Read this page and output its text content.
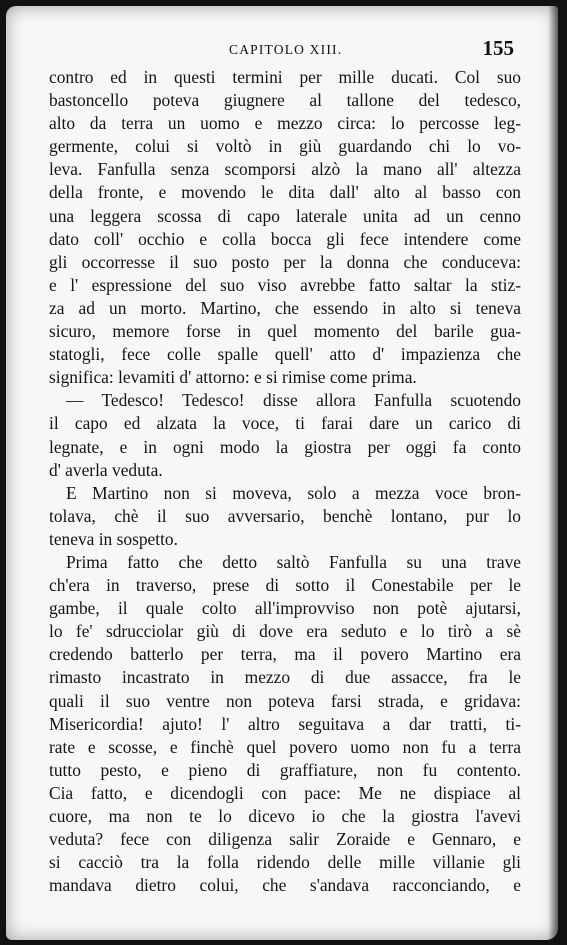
CAPITOLO XIII.	155
contro ed in questi termini per mille ducati. Col suo
bastoncello poteva giugnere al tallone del tedesco,
alto da terra un uomo e mezzo circa: lo percosse leg-
germente, colui si voltò in giù guardando chi lo vo-
leva. Fanfulla senza scomporsi alzò la mano all' altezza
della fronte, e movendo le dita dall' alto al basso con
una leggera scossa di capo laterale unita ad un cenno
dato coll' occhio e colla bocca gli fece intendere come
gli occorresse il suo posto per la donna che conduceva:
e l' espressione del suo viso avrebbe fatto saltar la stiz-
za ad un morto. Martino, che essendo in alto si teneva
sicuro, memore forse in quel momento del barile gua-
statogli, fece colle spalle quell' atto d' impazienza che
significa: levamiti d' attorno: e si rimise come prima.
— Tedesco! Tedesco! disse allora Fanfulla scuotendo
il capo ed alzata la voce, ti farai dare un carico di
legnate, e in ogni modo la giostra per oggi fa conto
d' averla veduta.
E Martino non si moveva, solo a mezza voce bron-
tolava, chè il suo avversario, benchè lontano, pur lo
teneva in sospetto.
Prima fatto che detto saltò Fanfulla su una trave
ch'era in traverso, prese di sotto il Conestabile per le
gambe, il quale colto all'improvviso non potè ajutarsi,
lo fe' sdrucciolar giù di dove era seduto e lo tirò a sè
credendo batterlo per terra, ma il povero Martino era
rimasto incastrato in mezzo di due assacce, fra le
quali il suo ventre non poteva farsi strada, e gridava:
Misericordia! ajuto! l' altro seguitava a dar tratti, ti-
rate e scosse, e finchè quel povero uomo non fu a terra
tutto pesto, e pieno di graffiature, non fu contento.
Cia fatto, e dicendogli con pace: Me ne dispiace al
cuore, ma non te lo dicevo io che la giostra l'avevi
veduta? fece con diligenza salir Zoraide e Gennaro, e
si cacciò tra la folla ridendo delle mille villanie gli
mandava dietro colui, che s'andava racconciando, e
